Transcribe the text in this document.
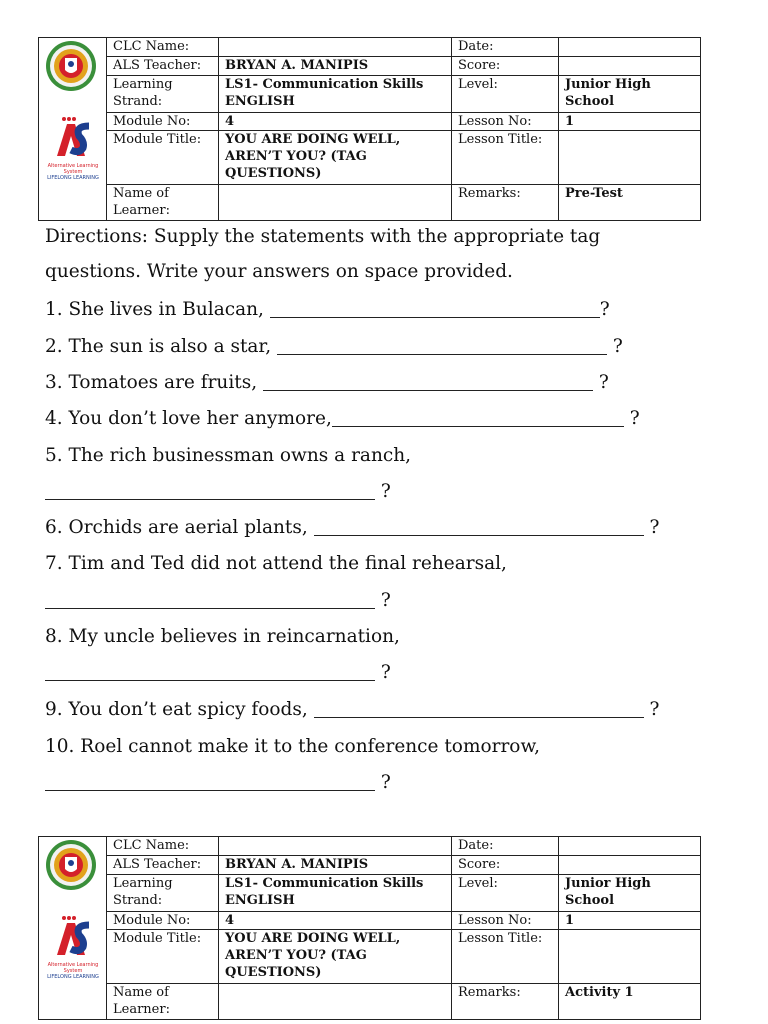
Alternative Learning System
LIFELONG LEARNING	CLC Name:		Date:	
	ALS Teacher:	BRYAN A. MANIPIS	Score:	
	Learning Strand:	LS1- Communication Skills ENGLISH	Level:	Junior High School
	Module No:	4	Lesson No:	1
	Module Title:	YOU ARE DOING WELL, AREN’T YOU? (TAG QUESTIONS)	Lesson Title:	
	Name of Learner:		Remarks:	Pre-Test
Directions: Supply the statements with the appropriate tag
questions. Write your answers on space provided.
1. She lives in Bulacan,	?
2. The sun is also a star,	?
3. Tomatoes are fruits,	?
4. You don’t love her anymore,	?
5. The rich businessman owns a ranch,
?
6. Orchids are aerial plants,	?
7. Tim and Ted did not attend the final rehearsal,
?
8. My uncle believes in reincarnation,
?
9. You don’t eat spicy foods,	?
10. Roel cannot make it to the conference tomorrow,
?
Alternative Learning System
LIFELONG LEARNING	CLC Name:		Date:	
	ALS Teacher:	BRYAN A. MANIPIS	Score:	
	Learning Strand:	LS1- Communication Skills ENGLISH	Level:	Junior High School
	Module No:	4	Lesson No:	1
	Module Title:	YOU ARE DOING WELL, AREN’T YOU? (TAG QUESTIONS)	Lesson Title:	
	Name of Learner:		Remarks:	Activity 1
